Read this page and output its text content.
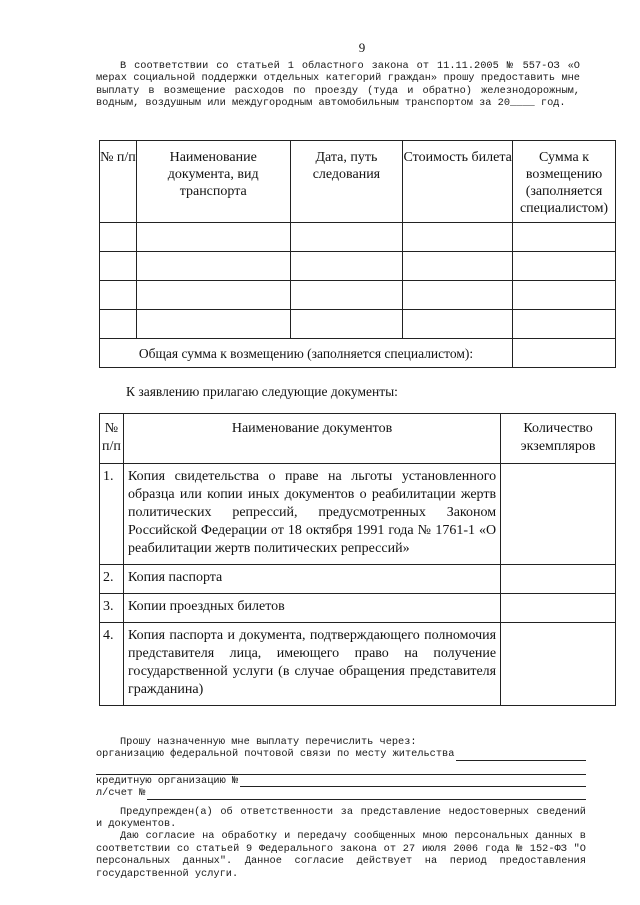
9
В соответствии со статьей 1 областного закона от 11.11.2005 № 557-ОЗ «О мерах социальной поддержки отдельных категорий граждан» прошу предоставить мне выплату в возмещение расходов по проезду (туда и обратно) железнодорожным, водным, воздушным или междугородным автомобильным транспортом за 20____ год.
№ п/п	Наименование документа, вид транспорта	Дата, путь следования	Стоимость билета	Сумма к возмещению (заполняется специалистом)

Общая сумма к возмещению (заполняется специалистом):				
К заявлению прилагаю следующие документы:
№ п/п	Наименование документов	Количество экземпляров
1.	Копия свидетельства о праве на льготы установленного образца или копии иных документов о реабилитации жертв политических репрессий, предусмотренных Законом Российской Федерации от 18 октября 1991 года № 1761-1 «О реабилитации жертв политических репрессий»	
2.	Копия паспорта	
3.	Копии проездных билетов	
4.	Копия паспорта и документа, подтверждающего полномочия представителя лица, имеющего право на получение государственной услуги (в случае обращения представителя гражданина)	
Прошу назначенную мне выплату перечислить через:
организацию федеральной почтовой связи по месту жительства
кредитную организацию №
л/счет №
Предупрежден(а) об ответственности за представление недостоверных сведений и документов.
Даю согласие на обработку и передачу сообщенных мною персональных данных в соответствии со статьей 9 Федерального закона от 27 июля 2006 года № 152-ФЗ "О персональных данных". Данное согласие действует на период предоставления государственной услуги.
